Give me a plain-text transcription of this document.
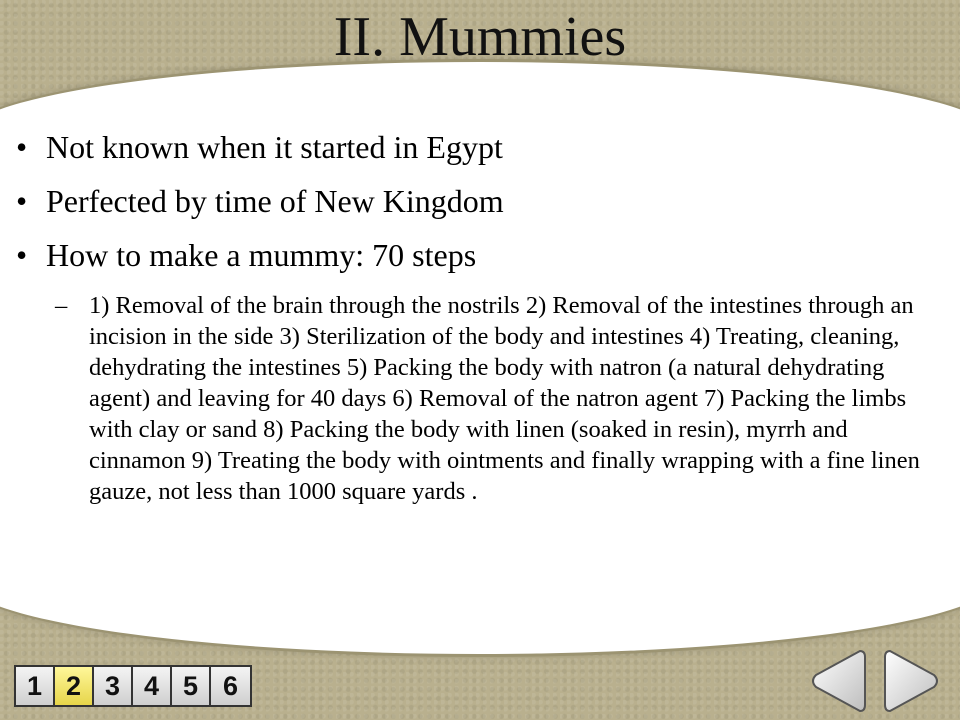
II. Mummies
• Not known when it started in Egypt
• Perfected by time of New Kingdom
• How to make a mummy: 70 steps
– 1) Removal of the brain through the nostrils 2) Removal of the intestines through an incision in the side 3) Sterilization of the body and intestines 4) Treating, cleaning, dehydrating the intestines 5) Packing the body with natron (a natural dehydrating agent) and leaving for 40 days 6) Removal of the natron agent 7) Packing the limbs with clay or sand 8) Packing the body with linen (soaked in resin), myrrh and cinnamon 9) Treating the body with ointments and finally wrapping with a fine linen gauze, not less than 1000 square yards .
1 2 3 4 5 6
